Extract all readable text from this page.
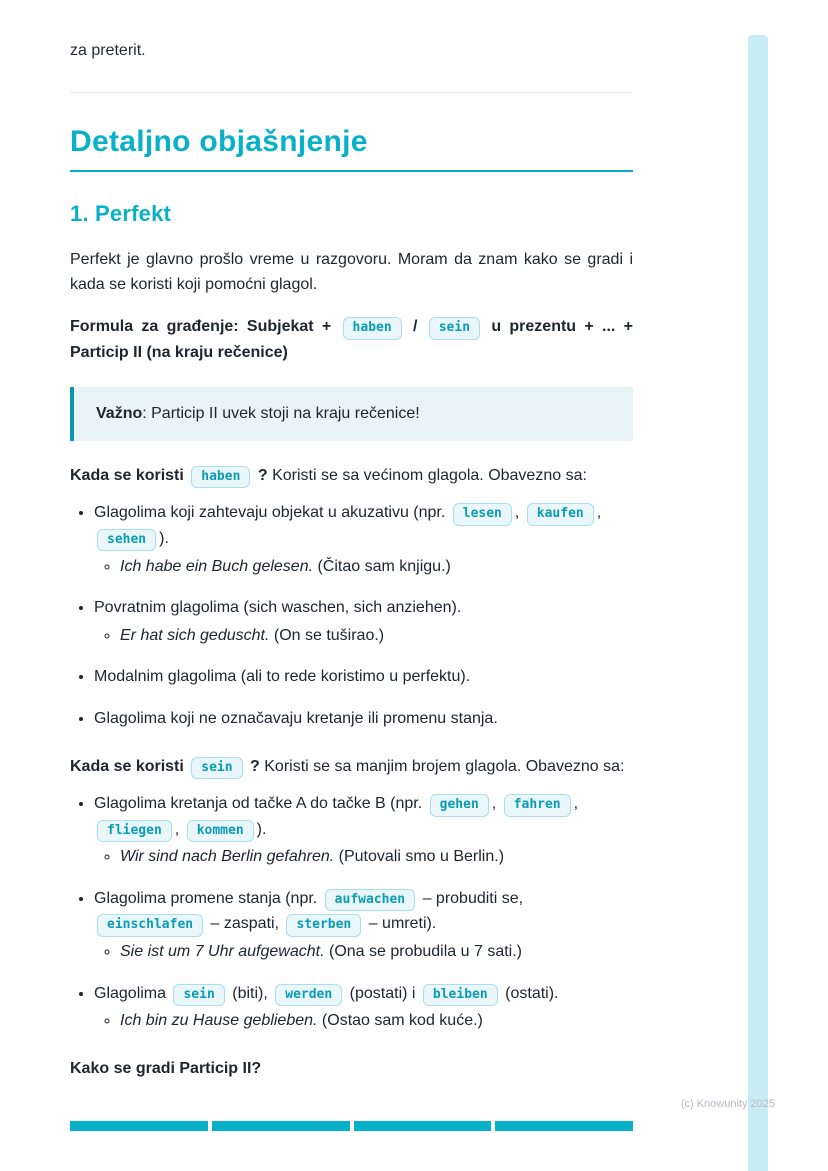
za preterit.

Detaljno objašnjenje
1. Perfekt

Perfekt je glavno prošlo vreme u razgovoru. Moram da znam kako se gradi i kada se koristi koji pomoćni glagol.

Formula za građenje: Subjekat + haben / sein u prezentu + ... + Particip II (na kraju rečenice)

Važno: Particip II uvek stoji na kraju rečenice!

Kada se koristi haben ? Koristi se sa većinom glagola. Obavezno sa:

• Glagolima koji zahtevaju objekat u akuzativu (npr. lesen , kaufen , sehen ).
◦ Ich habe ein Buch gelesen. (Čitao sam knjigu.)
• Povratnim glagolima (sich waschen, sich anziehen).
◦ Er hat sich geduscht. (On se tuširao.)
• Modalnim glagolima (ali to rede koristimo u perfektu).
• Glagolima koji ne označavaju kretanje ili promenu stanja.

Kada se koristi sein ? Koristi se sa manjim brojem glagola. Obavezno sa:

• Glagolima kretanja od tačke A do tačke B (npr. gehen , fahren , fliegen , kommen ).
◦ Wir sind nach Berlin gefahren. (Putovali smo u Berlin.)
• Glagolima promene stanja (npr. aufwachen – probuditi se, einschlafen – zaspati, sterben – umreti).
◦ Sie ist um 7 Uhr aufgewacht. (Ona se probudila u 7 sati.)
• Glagolima sein (biti), werden (postati) i bleiben (ostati).
◦ Ich bin zu Hause geblieben. (Ostao sam kod kuće.)

Kako se gradi Particip II?

(c) Knowunity 2025
